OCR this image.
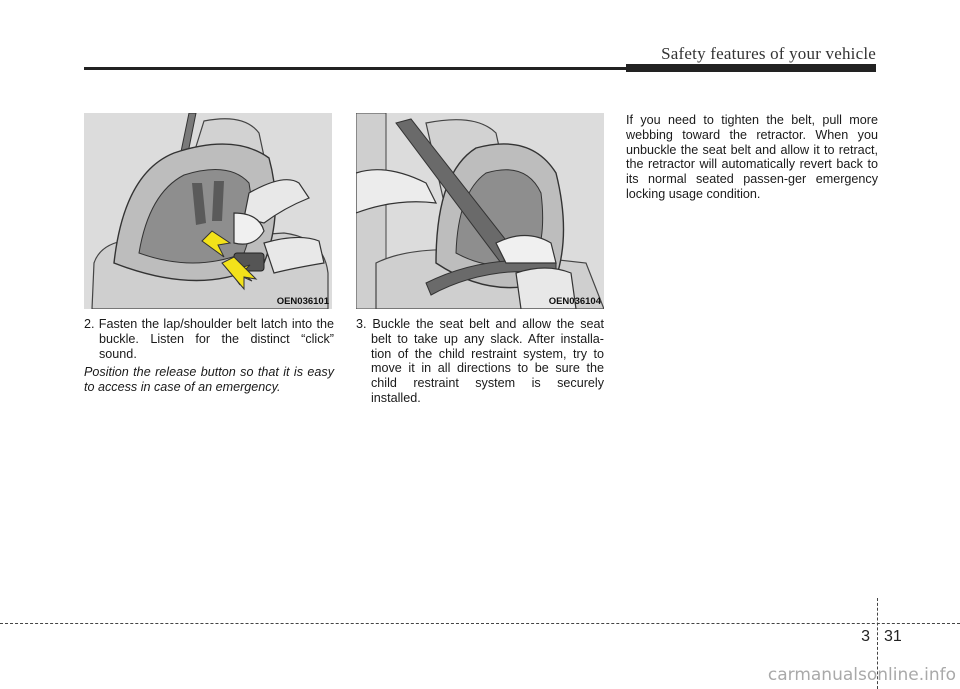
Safety features of your vehicle
OEN036101	OEN036104

2. Fasten the lap/shoulder belt latch into the buckle. Listen for the distinct “click” sound.

Position the release button so that it is easy to access in case of an emergency.

3. Buckle the seat belt and allow the seat belt to take up any slack. After installa-tion of the child restraint system, try to move it in all directions to be sure the child restraint system is securely installed.

If you need to tighten the belt, pull more webbing toward the retractor. When you unbuckle the seat belt and allow it to retract, the retractor will automatically revert back to its normal seated passen-ger emergency locking usage condition.

3 31
carmanualsonline.info
